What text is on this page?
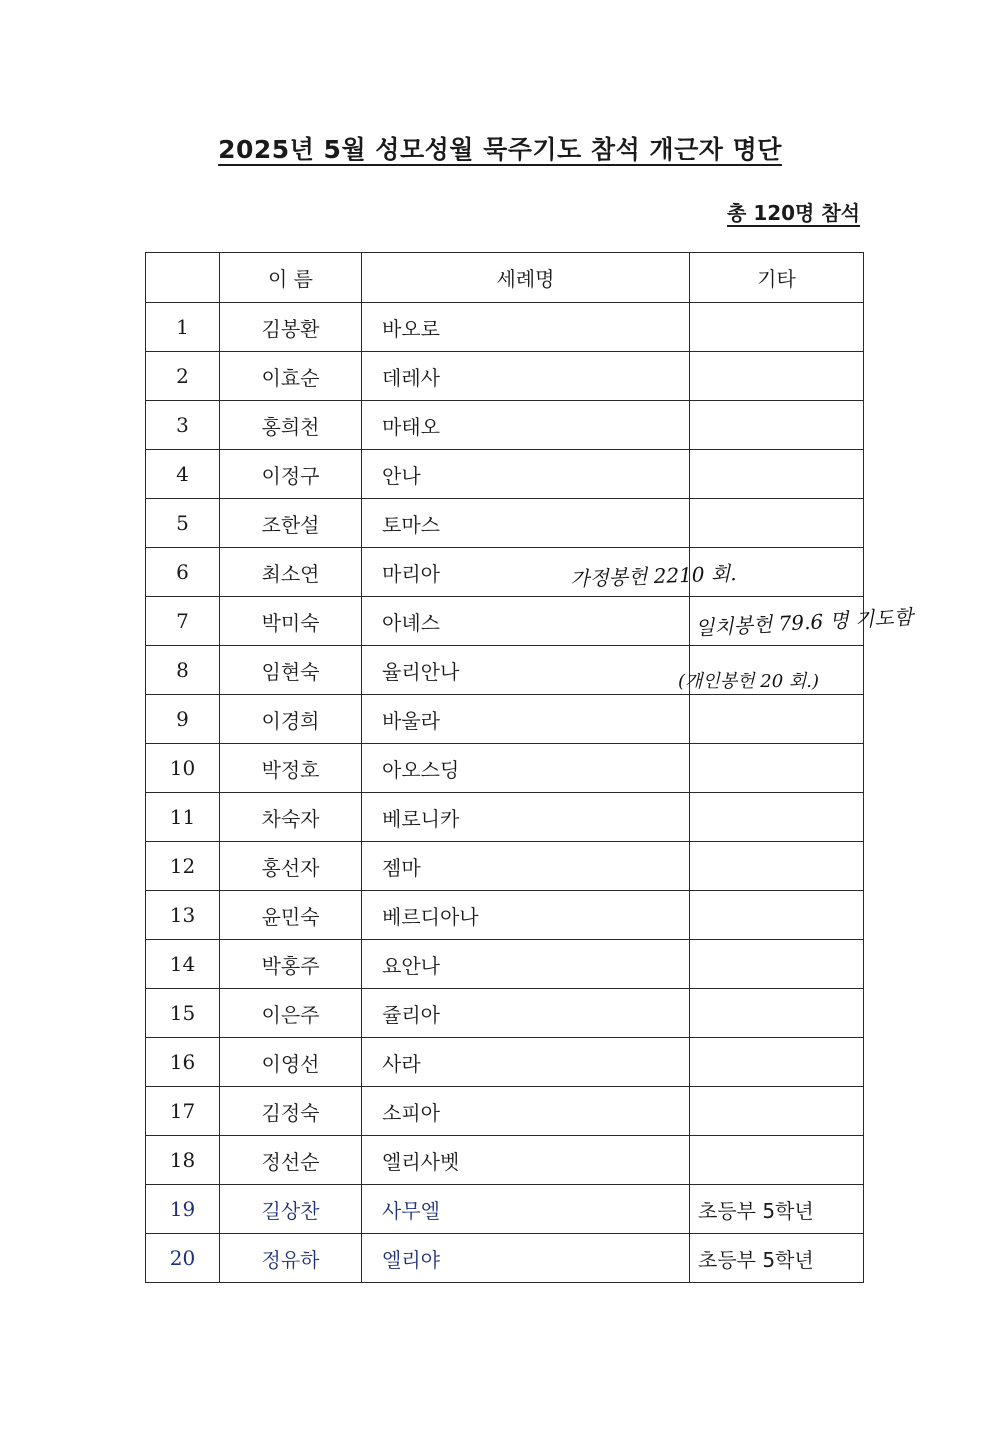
2025년 5월 성모성월 묵주기도 참석 개근자 명단
총 120명 참석
	이 름	세례명	기타
1	김봉환	바오로	
2	이효순	데레사	
3	홍희천	마태오	
4	이정구	안나	
5	조한설	토마스	
6	최소연	마리아	
7	박미숙	아녜스	
8	임현숙	율리안나	
9	이경희	바울라	
10	박정호	아오스딩	
11	차숙자	베로니카	
12	홍선자	젬마	
13	윤민숙	베르디아나	
14	박홍주	요안나	
15	이은주	쥴리아	
16	이영선	사라	
17	김정숙	소피아	
18	정선순	엘리사벳	
19	길상찬	사무엘	초등부 5학년
20	정유하	엘리야	초등부 5학년
가정봉헌 2210 회.
일치봉헌 79.6 명 기도함
(개인봉헌 20 회.)
